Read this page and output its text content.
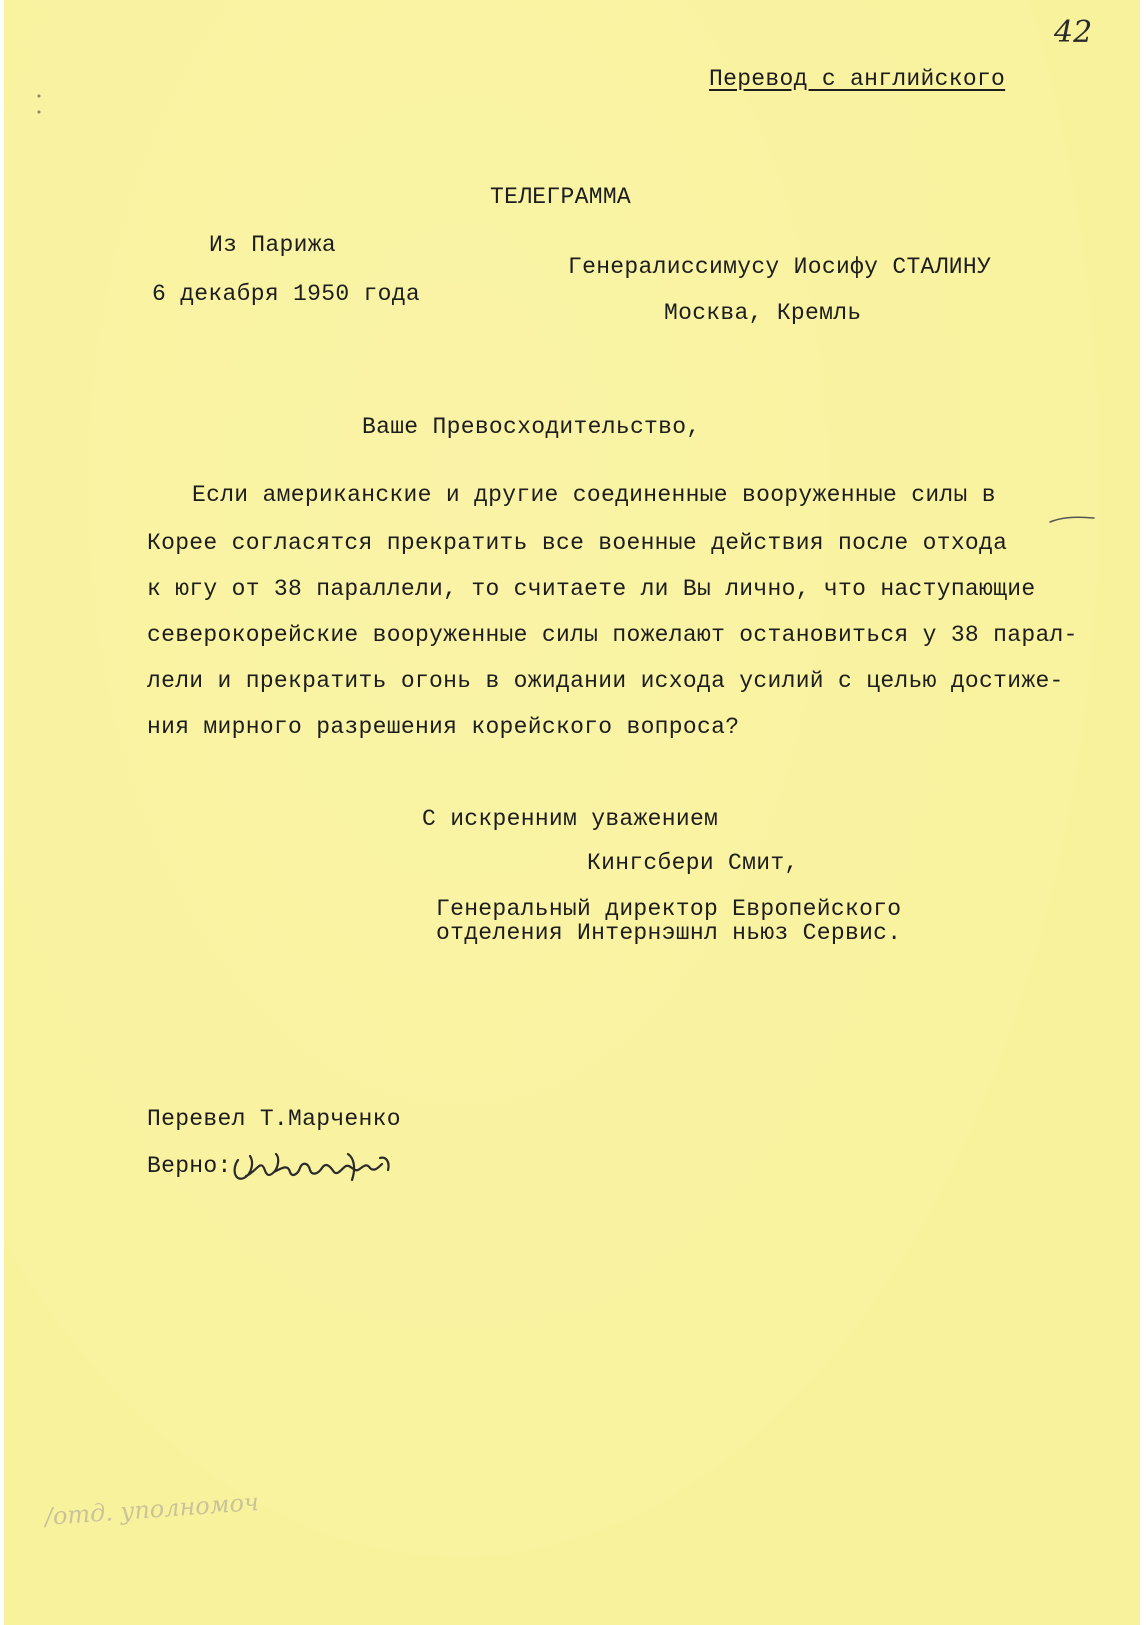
42
Перевод с английского
ТЕЛЕГРАММА
Из Парижа
6 декабря 1950 года
Генералиссимусу Иосифу СТАЛИНУ
Москва, Кремль
Ваше Превосходительство,
Если американские и другие соединенные вооруженные силы в
Корее согласятся прекратить все военные действия после отхода
к югу от 38 параллели, то считаете ли Вы лично, что наступающие
северокорейские вооруженные силы пожелают остановиться у 38 парал-
лели и прекратить огонь в ожидании исхода усилий с целью достиже-
ния мирного разрешения корейского вопроса?
С искренним уважением
Кингсбери Смит,
Генеральный директор Европейского
отделения Интернэшнл ньюз Сервис.
Перевел Т.Марченко
Верно:
/отд. уполномоч
